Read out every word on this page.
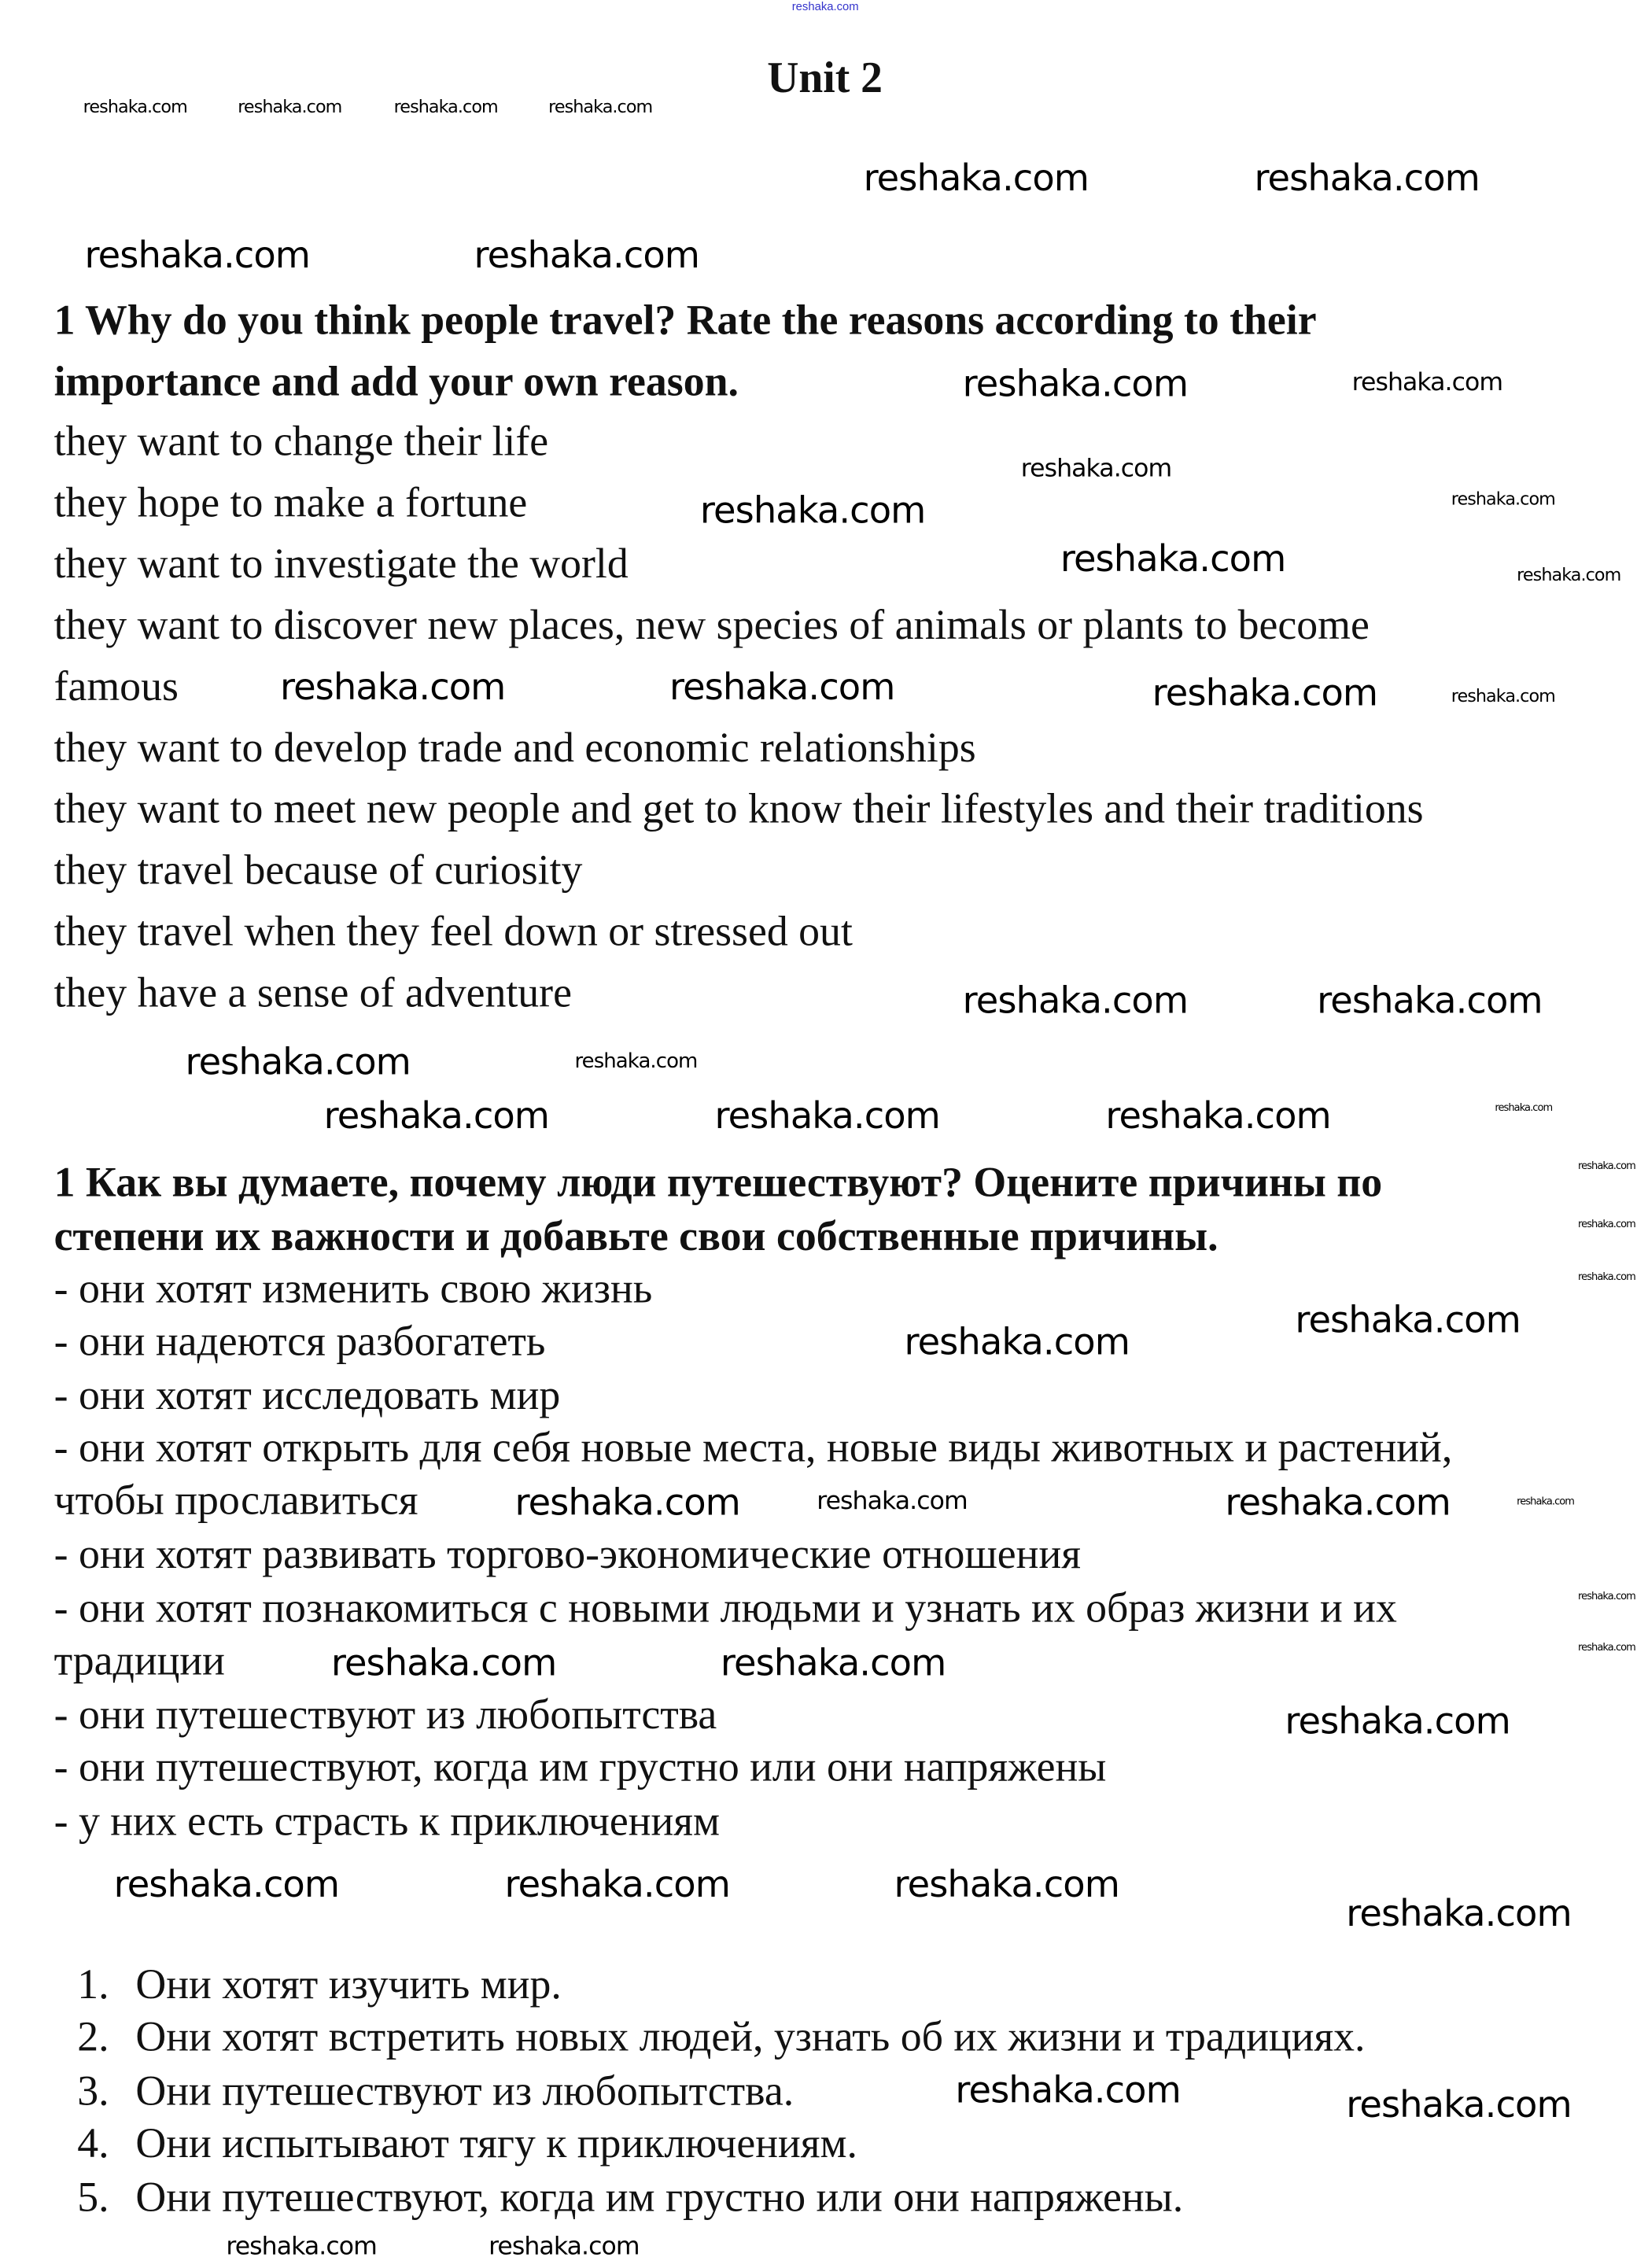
reshaka.com
Unit 2
1 Why do you think people travel? Rate the reasons according to their
importance and add your own reason.
they want to change their life
they hope to make a fortune
they want to investigate the world
they want to discover new places, new species of animals or plants to become
famous
they want to develop trade and economic relationships
they want to meet new people and get to know their lifestyles and their traditions
they travel because of curiosity
they travel when they feel down or stressed out
they have a sense of adventure
1 Как вы думаете, почему люди путешествуют? Оцените причины по
степени их важности и добавьте свои собственные причины.
- они хотят изменить свою жизнь
- они надеются разбогатеть
- они хотят исследовать мир
- они хотят открыть для себя новые места, новые виды животных и растений,
чтобы прославиться
- они хотят развивать торгово-экономические отношения
- они хотят познакомиться с новыми людьми и узнать их образ жизни и их
традиции
- они путешествуют из любопытства
- они путешествуют, когда им грустно или они напряжены
- у них есть страсть к приключениям
1. Они хотят изучить мир.
2. Они хотят встретить новых людей, узнать об их жизни и традициях.
3. Они путешествуют из любопытства.
4. Они испытывают тягу к приключениям.
5. Они путешествуют, когда им грустно или они напряжены.
reshaka.com	reshaka.com	reshaka.com	reshaka.com
reshaka.com	reshaka.com
reshaka.com	reshaka.com
reshaka.com	reshaka.com
reshaka.com
reshaka.com
reshaka.com
reshaka.com	reshaka.com
reshaka.com
reshaka.com	reshaka.com	reshaka.com
reshaka.com	reshaka.com
reshaka.com	reshaka.com
reshaka.com
reshaka.com
reshaka.com
reshaka.com
reshaka.com
reshaka.com
reshaka.com
reshaka.com
reshaka.com
reshaka.com
reshaka.com	reshaka.com
reshaka.com
reshaka.com
reshaka.com
reshaka.com	reshaka.com
reshaka.com
reshaka.com	reshaka.com	reshaka.com
reshaka.com
reshaka.com	reshaka.com
reshaka.com	reshaka.com
